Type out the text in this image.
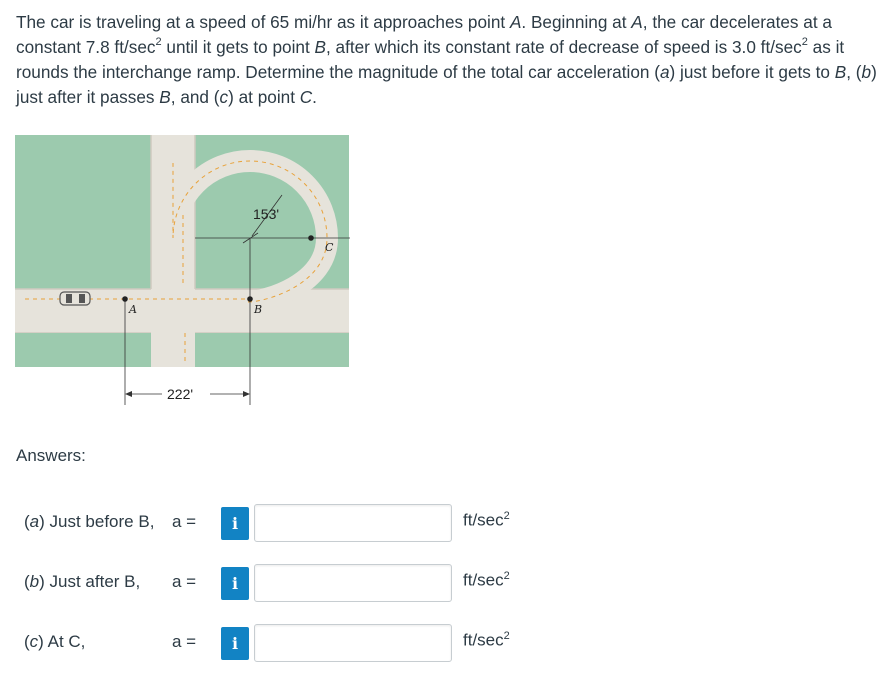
The car is traveling at a speed of 65 mi/hr as it approaches point A. Beginning at A, the car decelerates at a constant 7.8 $ft/\sec^2$ until it gets to point B, after which its constant rate of decrease of speed is 3.0 $ft/\sec^2$ as it rounds the interchange ramp. Determine the magnitude of the total car acceleration (a) just before it gets to B, (b) just after it passes B, and (c) at point C.
A	B
C
153'
222'
Answers:
(a) Just before B, a =	i	$ft/\sec^2$
(b) Just after B, a =	i	$ft/\sec^2$
(c) At C,	a =	i	$ft/\sec^2$
